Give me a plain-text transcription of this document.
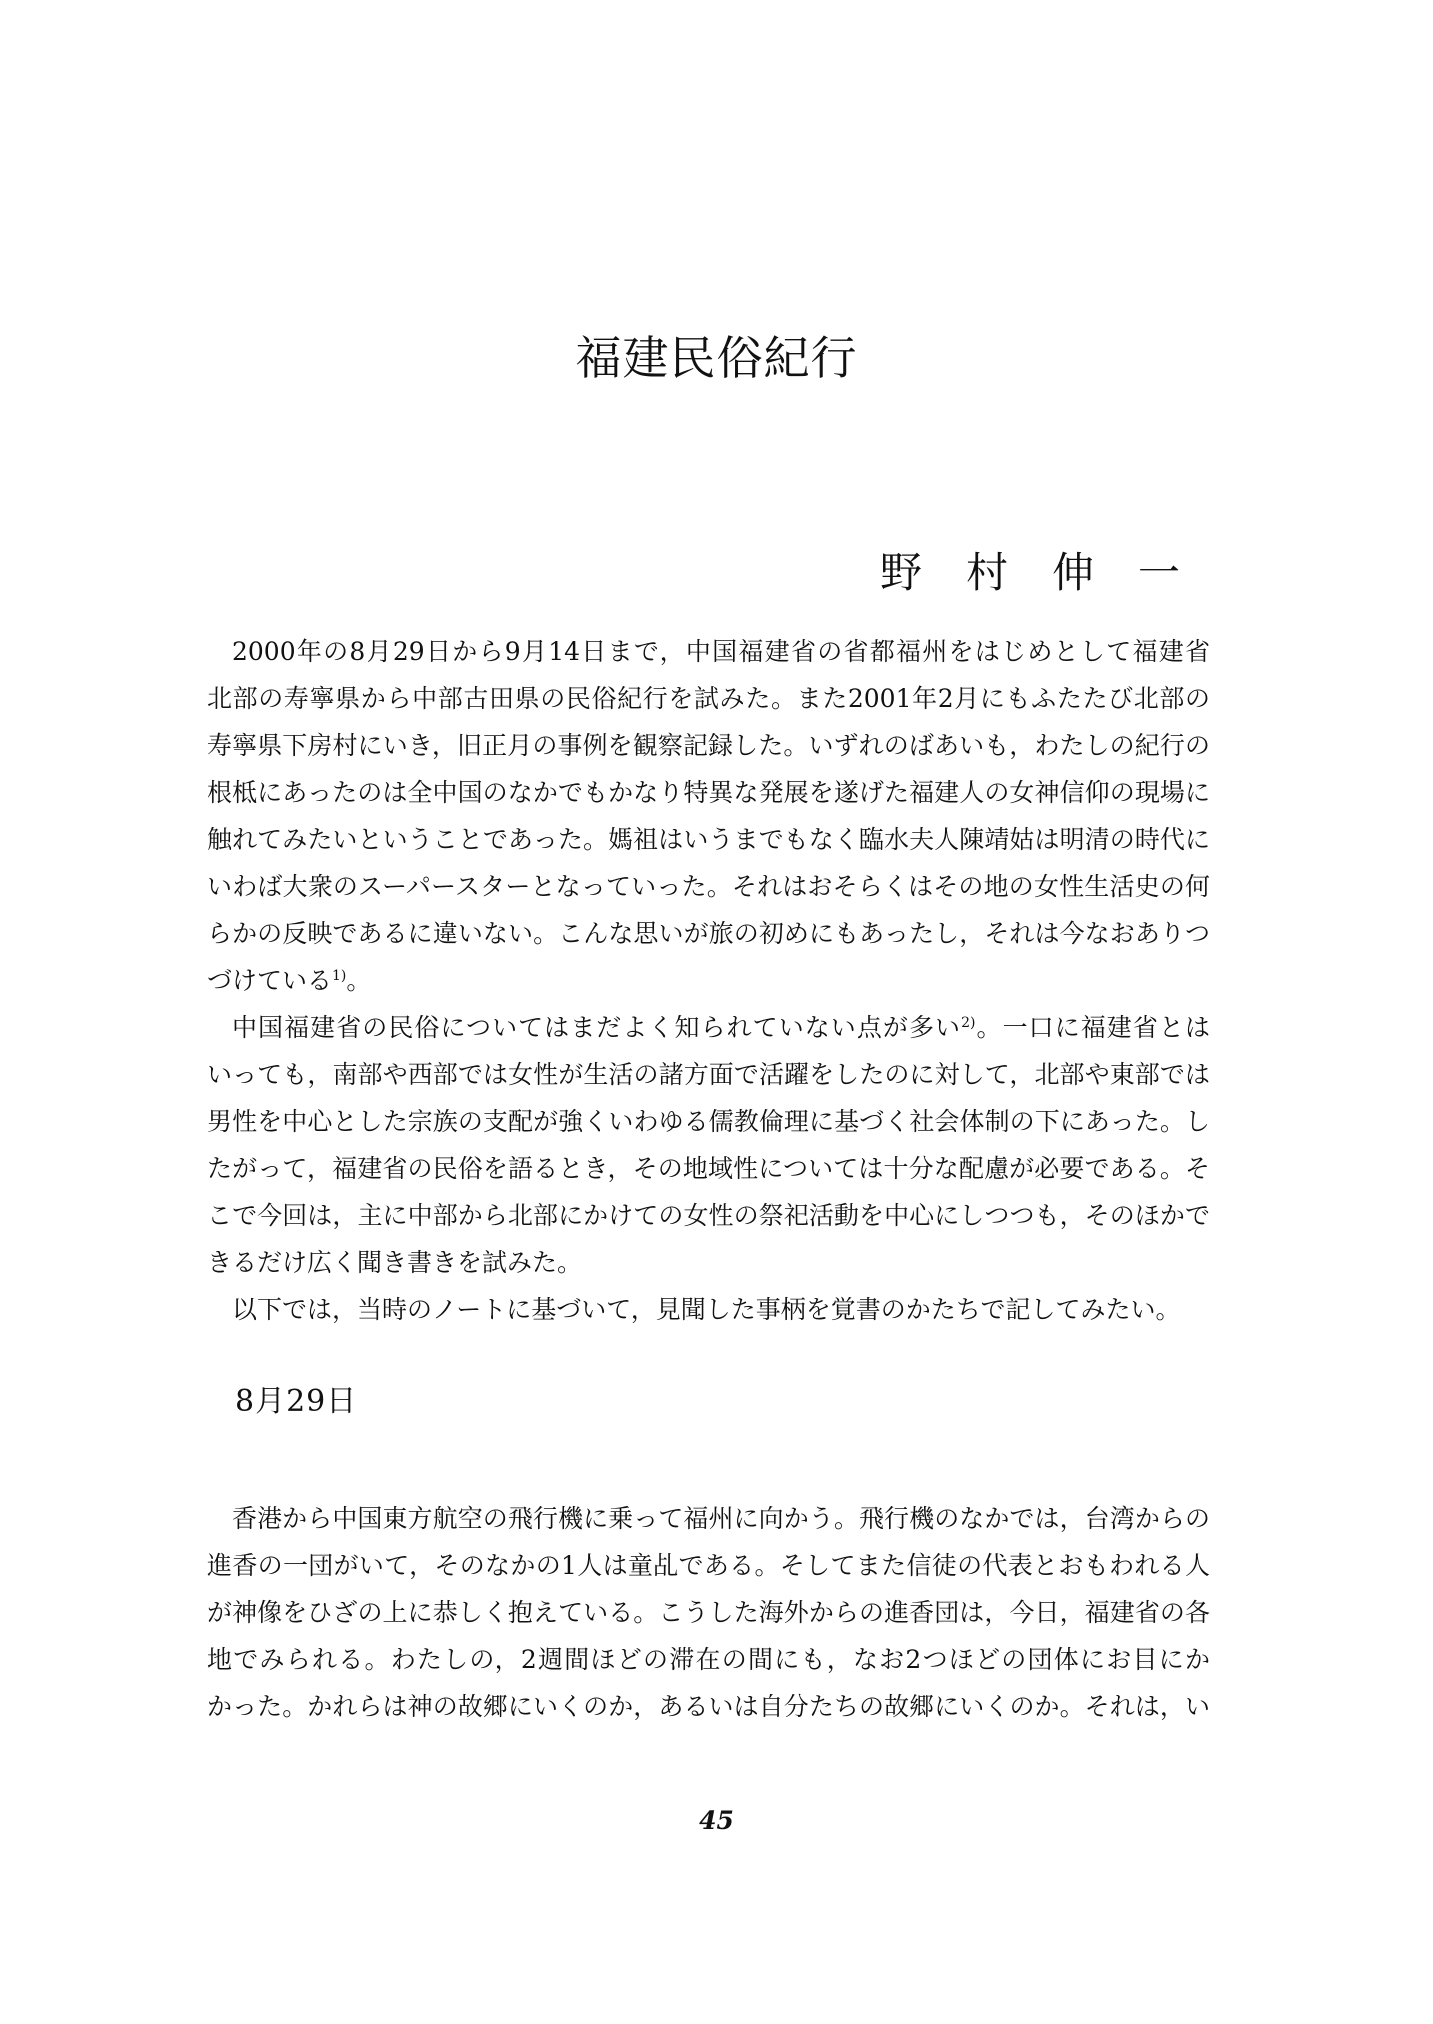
福建民俗紀行
野 村 伸 一
2000年の8月29日から9月14日まで，中国福建省の省都福州をはじめとして福建省
北部の寿寧県から中部古田県の民俗紀行を試みた。また2001年2月にもふたたび北部の
寿寧県下房村にいき，旧正月の事例を観察記録した。いずれのばあいも，わたしの紀行の
根柢にあったのは全中国のなかでもかなり特異な発展を遂げた福建人の女神信仰の現場に
触れてみたいということであった。媽祖はいうまでもなく臨水夫人陳靖姑は明清の時代に
いわば大衆のスーパースターとなっていった。それはおそらくはその地の女性生活史の何
らかの反映であるに違いない。こんな思いが旅の初めにもあったし，それは今なおありつ
づけている$^{1)}$。
中国福建省の民俗についてはまだよく知られていない点が多い$^{2)}$。一口に福建省とは
いっても，南部や西部では女性が生活の諸方面で活躍をしたのに対して，北部や東部では
男性を中心とした宗族の支配が強くいわゆる儒教倫理に基づく社会体制の下にあった。し
たがって，福建省の民俗を語るとき，その地域性については十分な配慮が必要である。そ
こで今回は，主に中部から北部にかけての女性の祭祀活動を中心にしつつも，そのほかで
きるだけ広く聞き書きを試みた。
以下では，当時のノートに基づいて，見聞した事柄を覚書のかたちで記してみたい。
8月29日
香港から中国東方航空の飛行機に乗って福州に向かう。飛行機のなかでは，台湾からの
進香の一団がいて，そのなかの1人は童乩である。そしてまた信徒の代表とおもわれる人
が神像をひざの上に恭しく抱えている。こうした海外からの進香団は，今日，福建省の各
地でみられる。わたしの，2週間ほどの滞在の間にも，なお2つほどの団体にお目にか
かった。かれらは神の故郷にいくのか，あるいは自分たちの故郷にいくのか。それは，い
45
